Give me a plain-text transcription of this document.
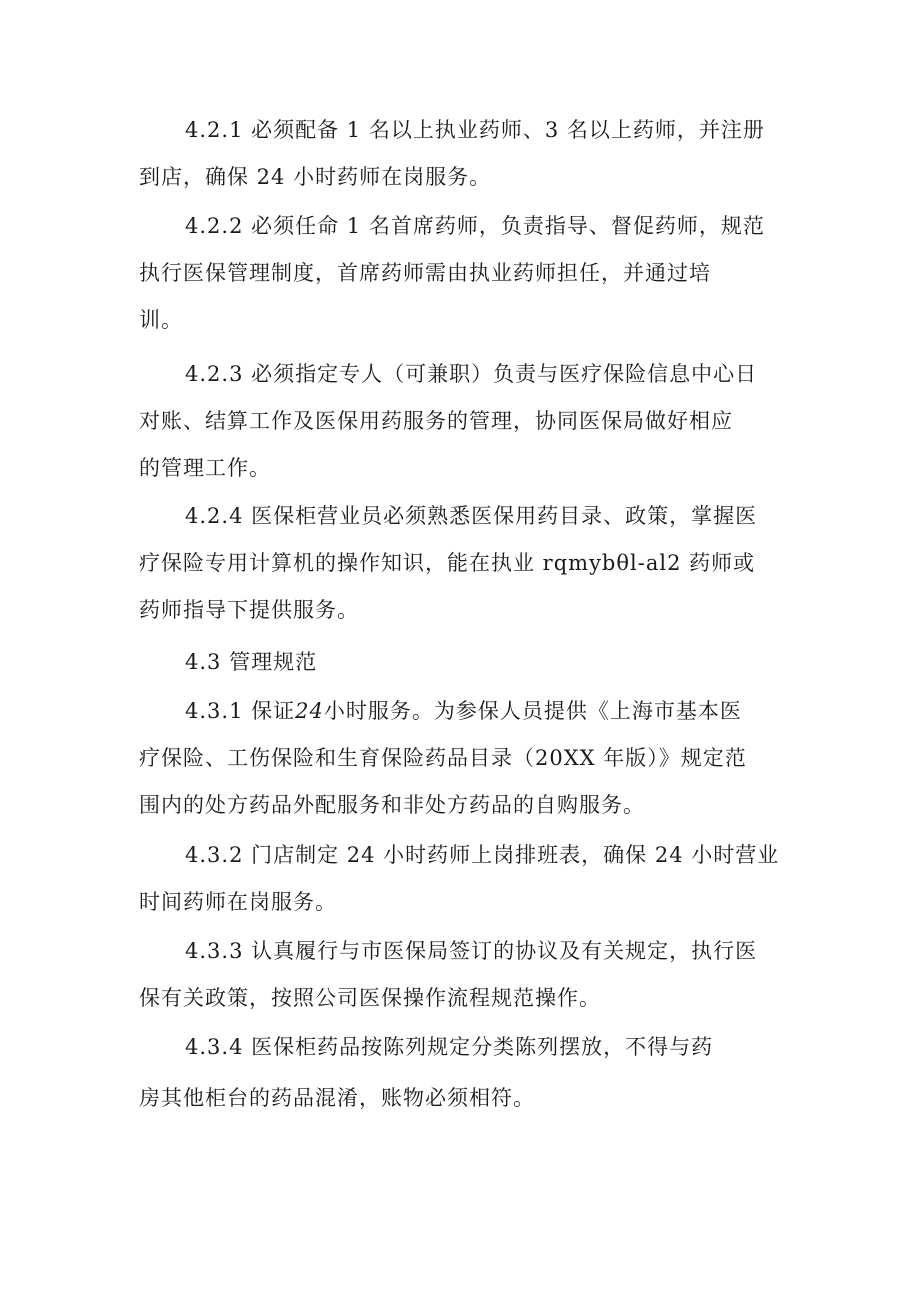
4.2.1 必须配备 1 名以上执业药师、3 名以上药师，并注册
到店，确保 24 小时药师在岗服务。
4.2.2 必须任命 1 名首席药师，负责指导、督促药师，规范
执行医保管理制度，首席药师需由执业药师担任，并通过培
训。
4.2.3 必须指定专人（可兼职）负责与医疗保险信息中心日
对账、结算工作及医保用药服务的管理，协同医保局做好相应
的管理工作。
4.2.4 医保柜营业员必须熟悉医保用药目录、政策，掌握医
疗保险专用计算机的操作知识，能在执业 rqmybθl-al2 药师或
药师指导下提供服务。
4.3 管理规范
4.3.1 保证24小时服务。为参保人员提供《上海市基本医
疗保险、工伤保险和生育保险药品目录（20XX 年版）》规定范
围内的处方药品外配服务和非处方药品的自购服务。
4.3.2 门店制定 24 小时药师上岗排班表，确保 24 小时营业
时间药师在岗服务。
4.3.3 认真履行与市医保局签订的协议及有关规定，执行医
保有关政策，按照公司医保操作流程规范操作。
4.3.4 医保柜药品按陈列规定分类陈列摆放，不得与药
房其他柜台的药品混淆，账物必须相符。
